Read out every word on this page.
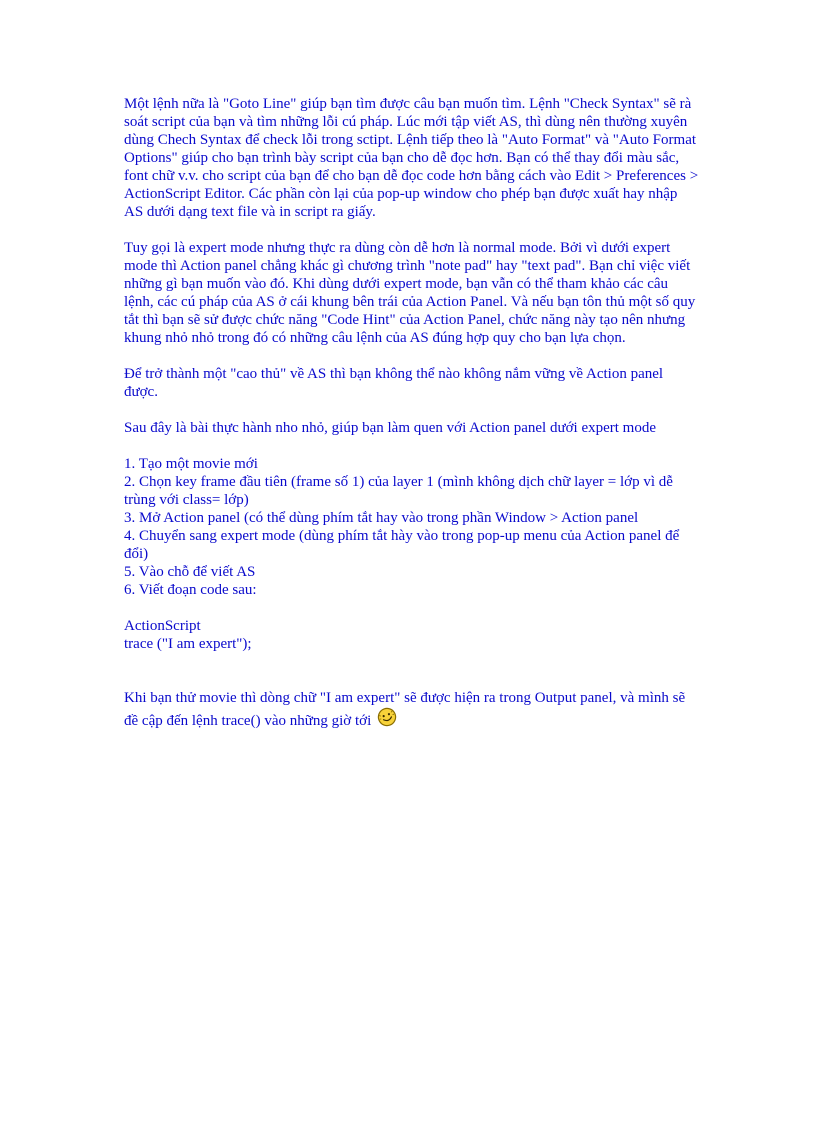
Một lệnh nữa là "Goto Line" giúp bạn tìm được câu bạn muốn tìm. Lệnh "Check Syntax" sẽ rà soát script của bạn và tìm những lỗi cú pháp. Lúc mới tập viết AS, thì dùng nên thường xuyên dùng Chech Syntax để check lỗi trong sctipt. Lệnh tiếp theo là "Auto Format" và "Auto Format Options" giúp cho bạn trình bày script của bạn cho dễ đọc hơn. Bạn có thể thay đổi màu sắc, font chữ v.v. cho script của bạn để cho bạn dễ đọc code hơn bằng cách vào Edit > Preferences > ActionScript Editor. Các phần còn lại của pop-up window cho phép bạn được xuất hay nhập AS dưới dạng text file và in script ra giấy.

Tuy gọi là expert mode nhưng thực ra dùng còn dễ hơn là normal mode. Bởi vì dưới expert mode thì Action panel chẳng khác gì chương trình "note pad" hay "text pad". Bạn chỉ việc viết những gì bạn muốn vào đó. Khi dùng dưới expert mode, bạn vẫn có thể tham khảo các câu lệnh, các cú pháp của AS ở cái khung bên trái của Action Panel. Và nếu bạn tôn thủ một số quy tắt thì bạn sẽ sử được chức năng "Code Hint" của Action Panel, chức năng này tạo nên nhưng khung nhỏ nhỏ trong đó có những câu lệnh của AS đúng hợp quy cho bạn lựa chọn.

Để trở thành một "cao thủ" về AS thì bạn không thể nào không nắm vững về Action panel được.

Sau đây là bài thực hành nho nhỏ, giúp bạn làm quen với Action panel dưới expert mode

1. Tạo một movie mới
2. Chọn key frame đầu tiên (frame số 1) của layer 1 (mình không dịch chữ layer = lớp vì dễ trùng với class= lớp)
3. Mở Action panel (có thể dùng phím tắt hay vào trong phần Window > Action panel
4. Chuyển sang expert mode (dùng phím tắt hày vào trong pop-up menu của Action panel để đổi)
5. Vào chỗ để viết AS
6. Viết đoạn code sau:
ActionScript
trace ("I am expert");

Khi bạn thử movie thì dòng chữ "I am expert" sẽ được hiện ra trong Output panel, và mình sẽ đề cập đến lệnh trace() vào những giờ tới
